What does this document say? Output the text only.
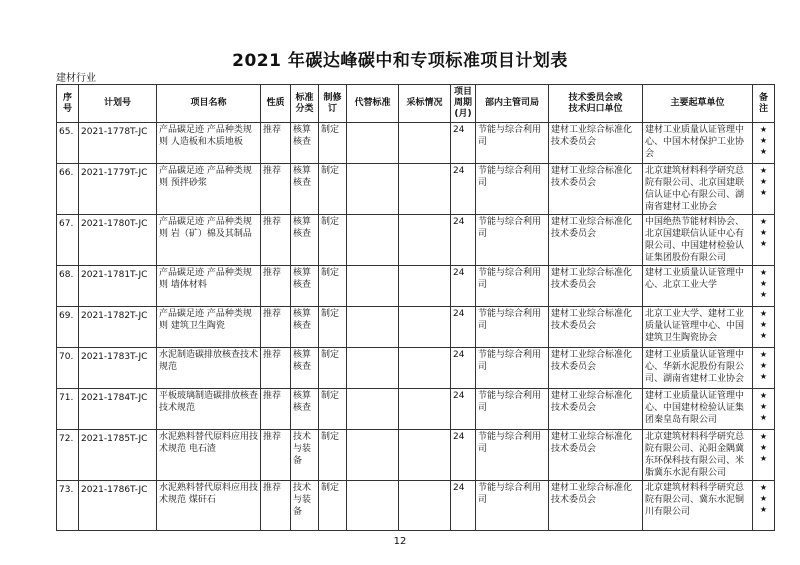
2021 年碳达峰碳中和专项标准项目计划表
建材行业
序
号	计划号	项目名称	性质	标准
分类	制修
订	代替标准	采标情况	项目
周期
(月)	部内主管司局	技术委员会或
技术归口单位	主要起草单位	备
注

65.	2021-1778T-JC	产品碳足迹 产品种类规则 人造板和木质地板	推荐	核算核查	制定			24	节能与综合利用司	建材工业综合标准化技术委员会	建材工业质量认证管理中心、中国木材保护工业协会	★
★
★

66.	2021-1779T-JC	产品碳足迹 产品种类规则 预拌砂浆	推荐	核算核查	制定			24	节能与综合利用司	建材工业综合标准化技术委员会	北京建筑材料科学研究总院有限公司、北京国建联信认证中心有限公司、湖南省建材工业协会	★
★
★

67.	2021-1780T-JC	产品碳足迹 产品种类规则 岩（矿）棉及其制品	推荐	核算核查	制定			24	节能与综合利用司	建材工业综合标准化技术委员会	中国绝热节能材料协会、北京国建联信认证中心有限公司、中国建材检验认证集团股份有限公司	★
★
★

68.	2021-1781T-JC	产品碳足迹 产品种类规则 墙体材料	推荐	核算核查	制定			24	节能与综合利用司	建材工业综合标准化技术委员会	建材工业质量认证管理中心、北京工业大学	★
★
★

69.	2021-1782T-JC	产品碳足迹 产品种类规则 建筑卫生陶瓷	推荐	核算核查	制定			24	节能与综合利用司	建材工业综合标准化技术委员会	北京工业大学、建材工业质量认证管理中心、中国建筑卫生陶瓷协会	★
★
★

70.	2021-1783T-JC	水泥制造碳排放核查技术规范	推荐	核算核查	制定			24	节能与综合利用司	建材工业综合标准化技术委员会	建材工业质量认证管理中心、华新水泥股份有限公司、湖南省建材工业协会	★
★
★

71.	2021-1784T-JC	平板玻璃制造碳排放核查技术规范	推荐	核算核查	制定			24	节能与综合利用司	建材工业综合标准化技术委员会	建材工业质量认证管理中心、中国建材检验认证集团秦皇岛有限公司	★
★
★

72.	2021-1785T-JC	水泥熟料替代原料应用技术规范 电石渣	推荐	技术与装备	制定			24	节能与综合利用司	建材工业综合标准化技术委员会	北京建筑材料科学研究总院有限公司、沁阳金隅冀东环保科技有限公司、米脂冀东水泥有限公司	★
★
★

73.	2021-1786T-JC	水泥熟料替代原料应用技术规范 煤矸石	推荐	技术与装备	制定			24	节能与综合利用司	建材工业综合标准化技术委员会	北京建筑材料科学研究总院有限公司、冀东水泥铜川有限公司	★
★
★
12
